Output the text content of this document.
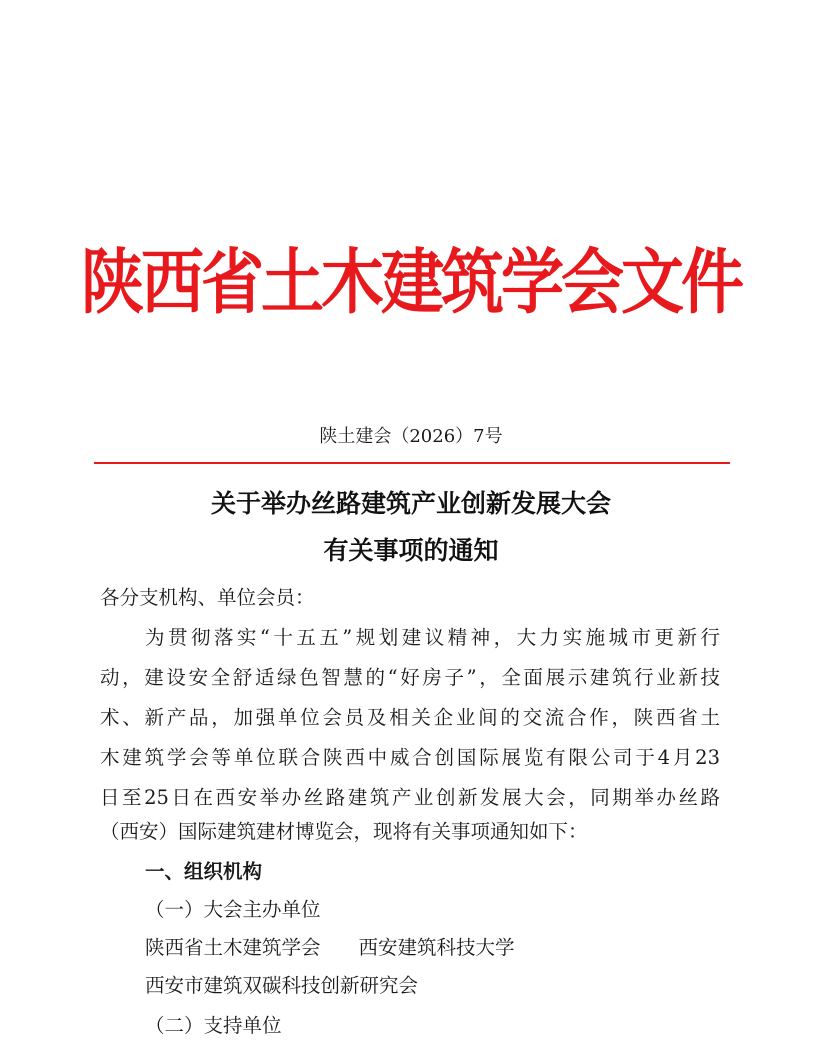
陕西省土木建筑学会文件
陕土建会（2026）7号
关于举办丝路建筑产业创新发展大会
有关事项的通知
各分支机构、单位会员：
为贯彻落实“十五五”规划建议精神，大力实施城市更新行
动，建设安全舒适绿色智慧的“好房子”，全面展示建筑行业新技
术、新产品，加强单位会员及相关企业间的交流合作，陕西省土
木建筑学会等单位联合陕西中威合创国际展览有限公司于4月23
日至25日在西安举办丝路建筑产业创新发展大会，同期举办丝路
（西安）国际建筑建材博览会，现将有关事项通知如下：
一、组织机构
（一）大会主办单位
陕西省土木建筑学会 西安建筑科技大学
西安市建筑双碳科技创新研究会
（二）支持单位
